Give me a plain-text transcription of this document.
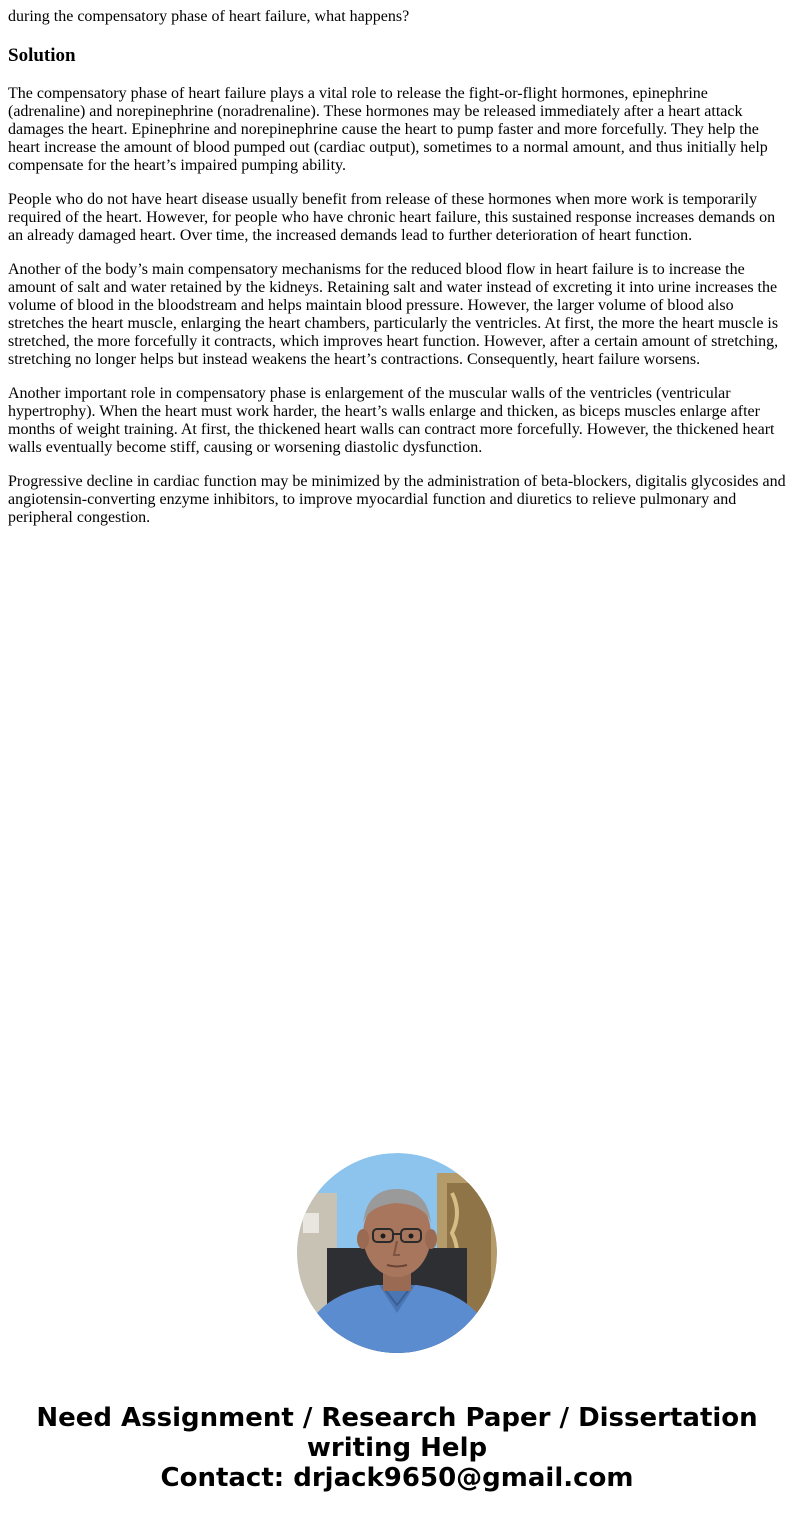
during the compensatory phase of heart failure, what happens?
Solution

The compensatory phase of heart failure plays a vital role to release the fight-or-flight hormones, epinephrine (adrenaline) and norepinephrine (noradrenaline). These hormones may be released immediately after a heart attack damages the heart. Epinephrine and norepinephrine cause the heart to pump faster and more forcefully. They help the heart increase the amount of blood pumped out (cardiac output), sometimes to a normal amount, and thus initially help compensate for the heart’s impaired pumping ability.

People who do not have heart disease usually benefit from release of these hormones when more work is temporarily required of the heart. However, for people who have chronic heart failure, this sustained response increases demands on an already damaged heart. Over time, the increased demands lead to further deterioration of heart function.

Another of the body’s main compensatory mechanisms for the reduced blood flow in heart failure is to increase the amount of salt and water retained by the kidneys. Retaining salt and water instead of excreting it into urine increases the volume of blood in the bloodstream and helps maintain blood pressure. However, the larger volume of blood also stretches the heart muscle, enlarging the heart chambers, particularly the ventricles. At first, the more the heart muscle is stretched, the more forcefully it contracts, which improves heart function. However, after a certain amount of stretching, stretching no longer helps but instead weakens the heart’s contractions. Consequently, heart failure worsens.

Another important role in compensatory phase is enlargement of the muscular walls of the ventricles (ventricular hypertrophy). When the heart must work harder, the heart’s walls enlarge and thicken, as biceps muscles enlarge after months of weight training. At first, the thickened heart walls can contract more forcefully. However, the thickened heart walls eventually become stiff, causing or worsening diastolic dysfunction.

Progressive decline in cardiac function may be minimized by the administration of beta-blockers, digitalis glycosides and angiotensin-converting enzyme inhibitors, to improve myocardial function and diuretics to relieve pulmonary and peripheral congestion.

Need Assignment / Research Paper / Dissertation
writing Help
Contact: drjack9650@gmail.com
